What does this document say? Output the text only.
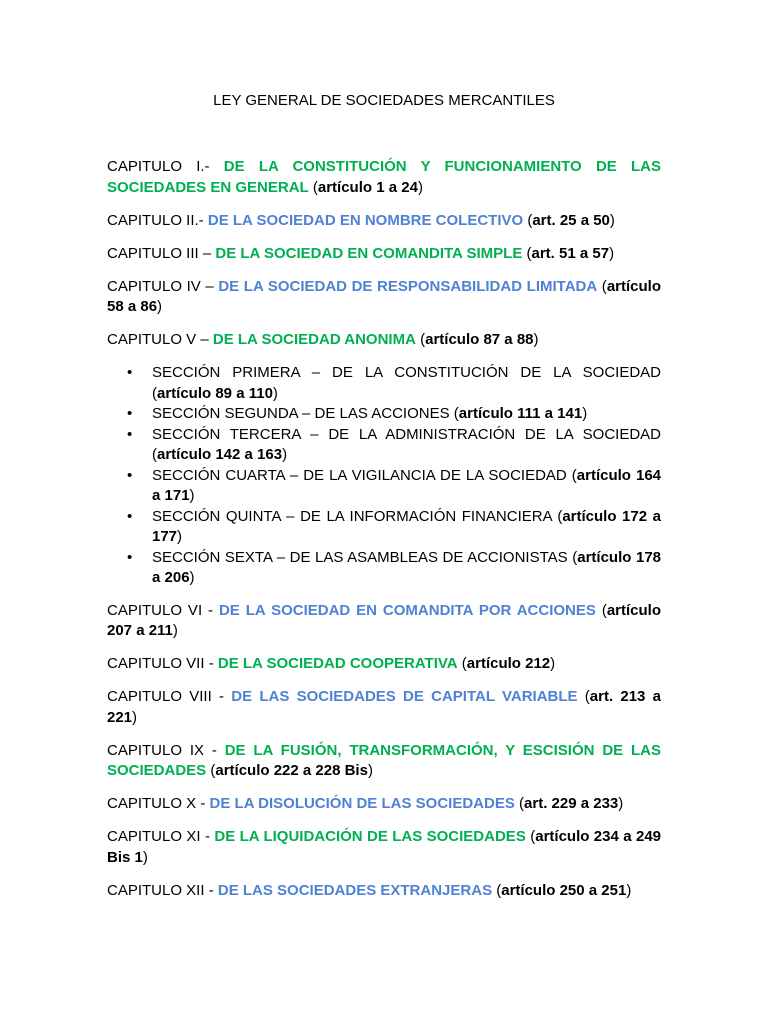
LEY GENERAL DE SOCIEDADES MERCANTILES

CAPITULO I.- DE LA CONSTITUCIÓN Y FUNCIONAMIENTO DE LAS SOCIEDADES EN GENERAL (artículo 1 a 24)

CAPITULO II.- DE LA SOCIEDAD EN NOMBRE COLECTIVO (art. 25 a 50)

CAPITULO III – DE LA SOCIEDAD EN COMANDITA SIMPLE (art. 51 a 57)

CAPITULO IV – DE LA SOCIEDAD DE RESPONSABILIDAD LIMITADA (artículo 58 a 86)

CAPITULO V – DE LA SOCIEDAD ANONIMA (artículo 87 a 88)

• SECCIÓN PRIMERA – DE LA CONSTITUCIÓN DE LA SOCIEDAD (artículo 89 a 110)
• SECCIÓN SEGUNDA – DE LAS ACCIONES (artículo 111 a 141)
• SECCIÓN TERCERA – DE LA ADMINISTRACIÓN DE LA SOCIEDAD (artículo 142 a 163)
• SECCIÓN CUARTA – DE LA VIGILANCIA DE LA SOCIEDAD (artículo 164 a 171)
• SECCIÓN QUINTA – DE LA INFORMACIÓN FINANCIERA (artículo 172 a 177)
• SECCIÓN SEXTA – DE LAS ASAMBLEAS DE ACCIONISTAS (artículo 178 a 206)

CAPITULO VI - DE LA SOCIEDAD EN COMANDITA POR ACCIONES (artículo 207 a 211)

CAPITULO VII - DE LA SOCIEDAD COOPERATIVA (artículo 212)

CAPITULO VIII - DE LAS SOCIEDADES DE CAPITAL VARIABLE (art. 213 a 221)

CAPITULO IX - DE LA FUSIÓN, TRANSFORMACIÓN, Y ESCISIÓN DE LAS SOCIEDADES (artículo 222 a 228 Bis)

CAPITULO X - DE LA DISOLUCIÓN DE LAS SOCIEDADES (art. 229 a 233)

CAPITULO XI - DE LA LIQUIDACIÓN DE LAS SOCIEDADES (artículo 234 a 249 Bis 1)

CAPITULO XII - DE LAS SOCIEDADES EXTRANJERAS (artículo 250 a 251)
